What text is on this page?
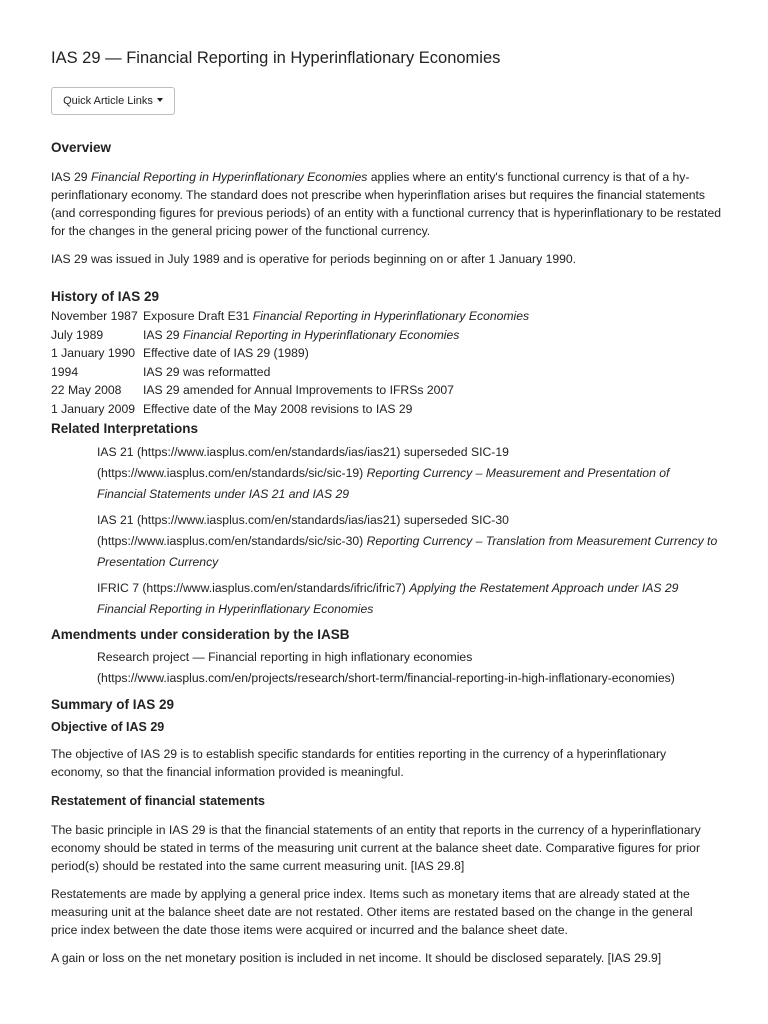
IAS 29 — Financial Reporting in Hyperinflationary Economies
Quick Article Links
Overview

IAS 29 Financial Reporting in Hyperinflationary Economies applies where an entity's functional currency is that of a hyperinflationary economy. The standard does not prescribe when hyperinflation arises but requires the financial statements (and corresponding figures for previous periods) of an entity with a functional currency that is hyperinflationary to be restated for the changes in the general pricing power of the functional currency.

IAS 29 was issued in July 1989 and is operative for periods beginning on or after 1 January 1990.

History of IAS 29
November 1987	Exposure Draft E31 Financial Reporting in Hyperinflationary Economies
July 1989	IAS 29 Financial Reporting in Hyperinflationary Economies
1 January 1990	Effective date of IAS 29 (1989)
1994	IAS 29 was reformatted
22 May 2008	IAS 29 amended for Annual Improvements to IFRSs 2007
1 January 2009	Effective date of the May 2008 revisions to IAS 29
Related Interpretations

IAS 21 (https://www.iasplus.com/en/standards/ias/ias21) superseded SIC-19 (https://www.iasplus.com/en/standards/sic/sic-19) Reporting Currency – Measurement and Presentation of Financial Statements under IAS 21 and IAS 29

IAS 21 (https://www.iasplus.com/en/standards/ias/ias21) superseded SIC-30 (https://www.iasplus.com/en/standards/sic/sic-30) Reporting Currency – Translation from Measurement Currency to Presentation Currency

IFRIC 7 (https://www.iasplus.com/en/standards/ifric/ifric7) Applying the Restatement Approach under IAS 29 Financial Reporting in Hyperinflationary Economies

Amendments under consideration by the IASB

Research project — Financial reporting in high inflationary economies (https://www.iasplus.com/en/projects/research/short-term/financial-reporting-in-high-inflationary-economies)

Summary of IAS 29
Objective of IAS 29

The objective of IAS 29 is to establish specific standards for entities reporting in the currency of a hyperinflationary economy, so that the financial information provided is meaningful.

Restatement of financial statements

The basic principle in IAS 29 is that the financial statements of an entity that reports in the currency of a hyperinflationary economy should be stated in terms of the measuring unit current at the balance sheet date. Comparative figures for prior period(s) should be restated into the same current measuring unit. [IAS 29.8]

Restatements are made by applying a general price index. Items such as monetary items that are already stated at the measuring unit at the balance sheet date are not restated. Other items are restated based on the change in the general price index between the date those items were acquired or incurred and the balance sheet date.

A gain or loss on the net monetary position is included in net income. It should be disclosed separately. [IAS 29.9]
